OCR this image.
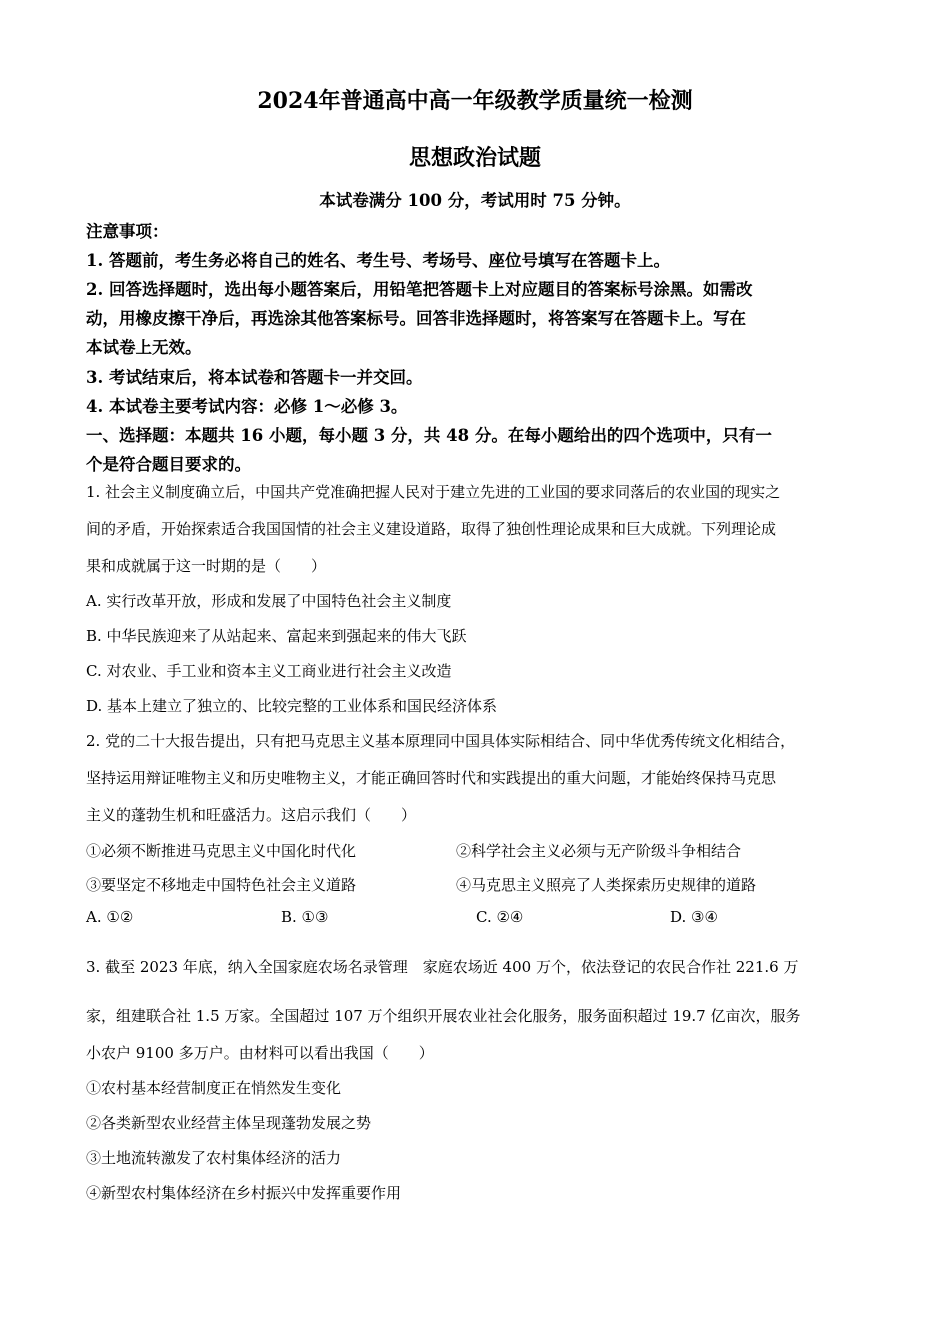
2024年普通高中高一年级教学质量统一检测
思想政治试题
本试卷满分 100 分，考试用时 75 分钟。
注意事项：
1. 答题前，考生务必将自己的姓名、考生号、考场号、座位号填写在答题卡上。
2. 回答选择题时，选出每小题答案后，用铅笔把答题卡上对应题目的答案标号涂黑。如需改
动，用橡皮擦干净后，再选涂其他答案标号。回答非选择题时，将答案写在答题卡上。写在
本试卷上无效。
3. 考试结束后，将本试卷和答题卡一并交回。
4. 本试卷主要考试内容：必修 1～必修 3。
一、选择题：本题共 16 小题，每小题 3 分，共 48 分。在每小题给出的四个选项中，只有一
个是符合题目要求的。
1. 社会主义制度确立后，中国共产党准确把握人民对于建立先进的工业国的要求同落后的农业国的现实之
间的矛盾，开始探索适合我国国情的社会主义建设道路，取得了独创性理论成果和巨大成就。下列理论成
果和成就属于这一时期的是（　　）
A. 实行改革开放，形成和发展了中国特色社会主义制度
B. 中华民族迎来了从站起来、富起来到强起来的伟大飞跃
C. 对农业、手工业和资本主义工商业进行社会主义改造
D. 基本上建立了独立的、比较完整的工业体系和国民经济体系
2. 党的二十大报告提出，只有把马克思主义基本原理同中国具体实际相结合、同中华优秀传统文化相结合，
坚持运用辩证唯物主义和历史唯物主义，才能正确回答时代和实践提出的重大问题，才能始终保持马克思
主义的蓬勃生机和旺盛活力。这启示我们（　　）
①必须不断推进马克思主义中国化时代化	②科学社会主义必须与无产阶级斗争相结合
③要坚定不移地走中国特色社会主义道路	④马克思主义照亮了人类探索历史规律的道路
A. ①②	B. ①③	C. ②④	D. ③④
3. 截至 2023 年底，纳入全国家庭农场名录管理　家庭农场近 400 万个，依法登记的农民合作社 221.6 万
家，组建联合社 1.5 万家。全国超过 107 万个组织开展农业社会化服务，服务面积超过 19.7 亿亩次，服务
小农户 9100 多万户。由材料可以看出我国（　　）
①农村基本经营制度正在悄然发生变化
②各类新型农业经营主体呈现蓬勃发展之势
③土地流转激发了农村集体经济的活力
④新型农村集体经济在乡村振兴中发挥重要作用
